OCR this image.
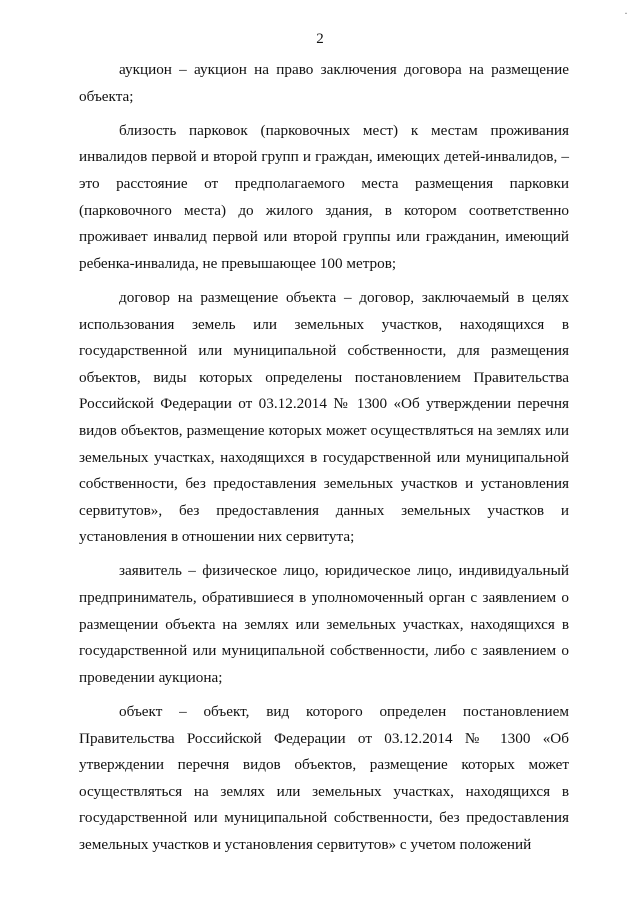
·
2

аукцион – аукцион на право заключения договора на размещение объекта;

близость парковок (парковочных мест) к местам проживания инвалидов первой и второй групп и граждан, имеющих детей-инвалидов, – это расстояние от предполагаемого места размещения парковки (парковочного места) до жилого здания, в котором соответственно проживает инвалид первой или второй группы или гражданин, имеющий ребенка-инвалида, не превышающее 100 метров;

договор на размещение объекта – договор, заключаемый в целях использования земель или земельных участков, находящихся в государственной или муниципальной собственности, для размещения объектов, виды которых определены постановлением Правительства Российской Федерации от 03.12.2014 № 1300 «Об утверждении перечня видов объектов, размещение которых может осуществляться на землях или земельных участках, находящихся в государственной или муниципальной собственности, без предоставления земельных участков и установления сервитутов», без предоставления данных земельных участков и установления в отношении них сервитута;

заявитель – физическое лицо, юридическое лицо, индивидуальный предприниматель, обратившиеся в уполномоченный орган с заявлением о размещении объекта на землях или земельных участках, находящихся в государственной или муниципальной собственности, либо с заявлением о проведении аукциона;

объект – объект, вид которого определен постановлением Правительства Российской Федерации от 03.12.2014 № 1300 «Об утверждении перечня видов объектов, размещение которых может осуществляться на землях или земельных участках, находящихся в государственной или муниципальной собственности, без предоставления земельных участков и установления сервитутов» с учетом положений
